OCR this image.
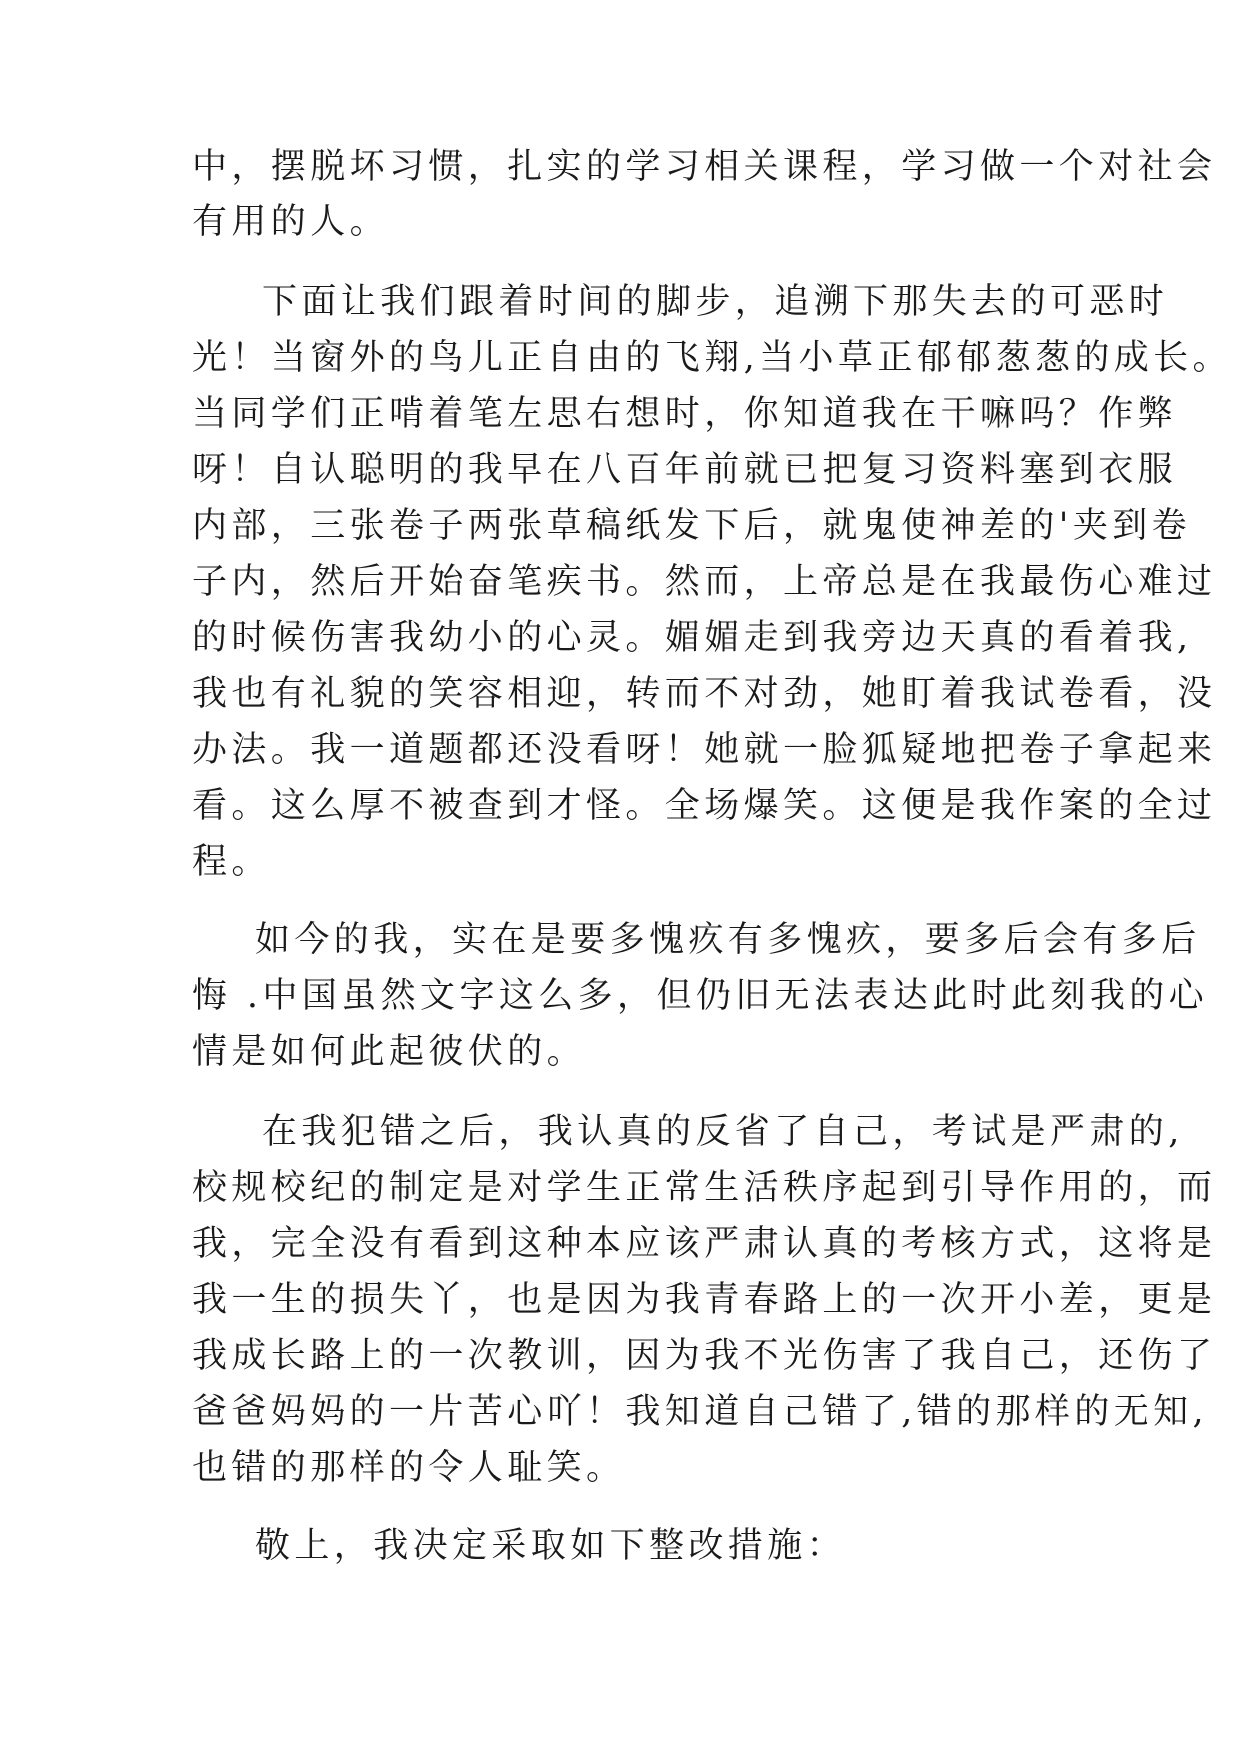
中，摆脱坏习惯，扎实的学习相关课程，学习做一个对社会
有用的人。
下面让我们跟着时间的脚步，追溯下那失去的可恶时
光！当窗外的鸟儿正自由的飞翔,当小草正郁郁葱葱的成长。
当同学们正啃着笔左思右想时，你知道我在干嘛吗？作弊
呀！自认聪明的我早在八百年前就已把复习资料塞到衣服
内部，三张卷子两张草稿纸发下后，就鬼使神差的'夹到卷
子内，然后开始奋笔疾书。然而，上帝总是在我最伤心难过
的时候伤害我幼小的心灵。媚媚走到我旁边天真的看着我,
我也有礼貌的笑容相迎，转而不对劲，她盯着我试卷看，没
办法。我一道题都还没看呀！她就一脸狐疑地把卷子拿起来
看。这么厚不被查到才怪。全场爆笑。这便是我作案的全过
程。
如今的我，实在是要多愧疚有多愧疚，要多后会有多后
悔 .中国虽然文字这么多，但仍旧无法表达此时此刻我的心
情是如何此起彼伏的。
在我犯错之后，我认真的反省了自己，考试是严肃的,
校规校纪的制定是对学生正常生活秩序起到引导作用的，而
我，完全没有看到这种本应该严肃认真的考核方式，这将是
我一生的损失丫，也是因为我青春路上的一次开小差，更是
我成长路上的一次教训，因为我不光伤害了我自己，还伤了
爸爸妈妈的一片苦心吖！我知道自己错了,错的那样的无知,
也错的那样的令人耻笑。
敬上，我决定采取如下整改措施：
